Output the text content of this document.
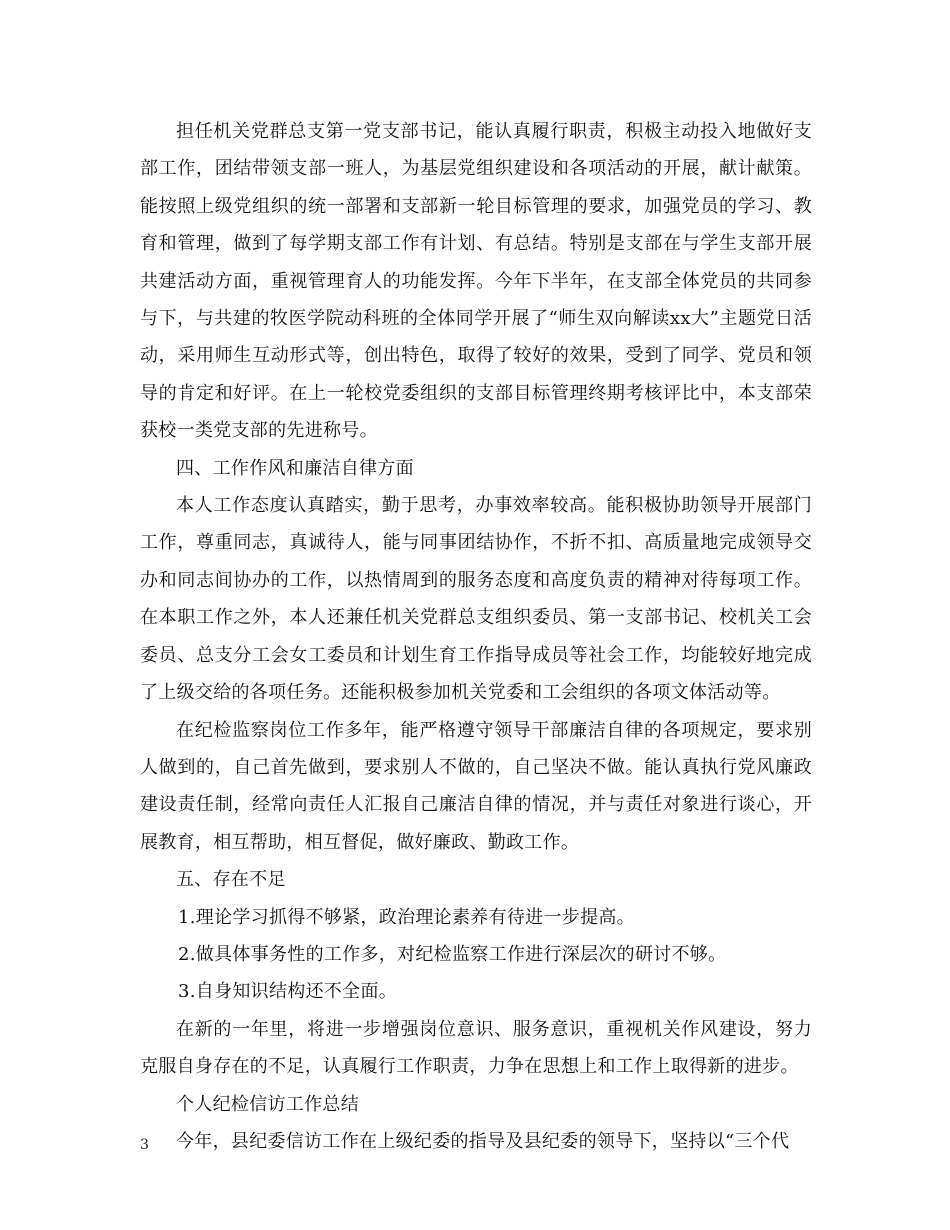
担任机关党群总支第一党支部书记，能认真履行职责，积极主动投入地做好支部工作，团结带领支部一班人，为基层党组织建设和各项活动的开展，献计献策。能按照上级党组织的统一部署和支部新一轮目标管理的要求，加强党员的学习、教育和管理，做到了每学期支部工作有计划、有总结。特别是支部在与学生支部开展共建活动方面，重视管理育人的功能发挥。今年下半年，在支部全体党员的共同参与下，与共建的牧医学院动科班的全体同学开展了“师生双向解读xx大”主题党日活动，采用师生互动形式等，创出特色，取得了较好的效果，受到了同学、党员和领导的肯定和好评。在上一轮校党委组织的支部目标管理终期考核评比中，本支部荣获校一类党支部的先进称号。

四、工作作风和廉洁自律方面

本人工作态度认真踏实，勤于思考，办事效率较高。能积极协助领导开展部门工作，尊重同志，真诚待人，能与同事团结协作，不折不扣、高质量地完成领导交办和同志间协办的工作，以热情周到的服务态度和高度负责的精神对待每项工作。在本职工作之外，本人还兼任机关党群总支组织委员、第一支部书记、校机关工会委员、总支分工会女工委员和计划生育工作指导成员等社会工作，均能较好地完成了上级交给的各项任务。还能积极参加机关党委和工会组织的各项文体活动等。

在纪检监察岗位工作多年，能严格遵守领导干部廉洁自律的各项规定，要求别人做到的，自己首先做到，要求别人不做的，自己坚决不做。能认真执行党风廉政建设责任制，经常向责任人汇报自己廉洁自律的情况，并与责任对象进行谈心，开展教育，相互帮助，相互督促，做好廉政、勤政工作。

五、存在不足

1.理论学习抓得不够紧，政治理论素养有待进一步提高。

2.做具体事务性的工作多，对纪检监察工作进行深层次的研讨不够。

3.自身知识结构还不全面。

在新的一年里，将进一步增强岗位意识、服务意识，重视机关作风建设，努力克服自身存在的不足，认真履行工作职责，力争在思想上和工作上取得新的进步。

个人纪检信访工作总结

今年，县纪委信访工作在上级纪委的指导及县纪委的领导下，坚持以“三个代

3
